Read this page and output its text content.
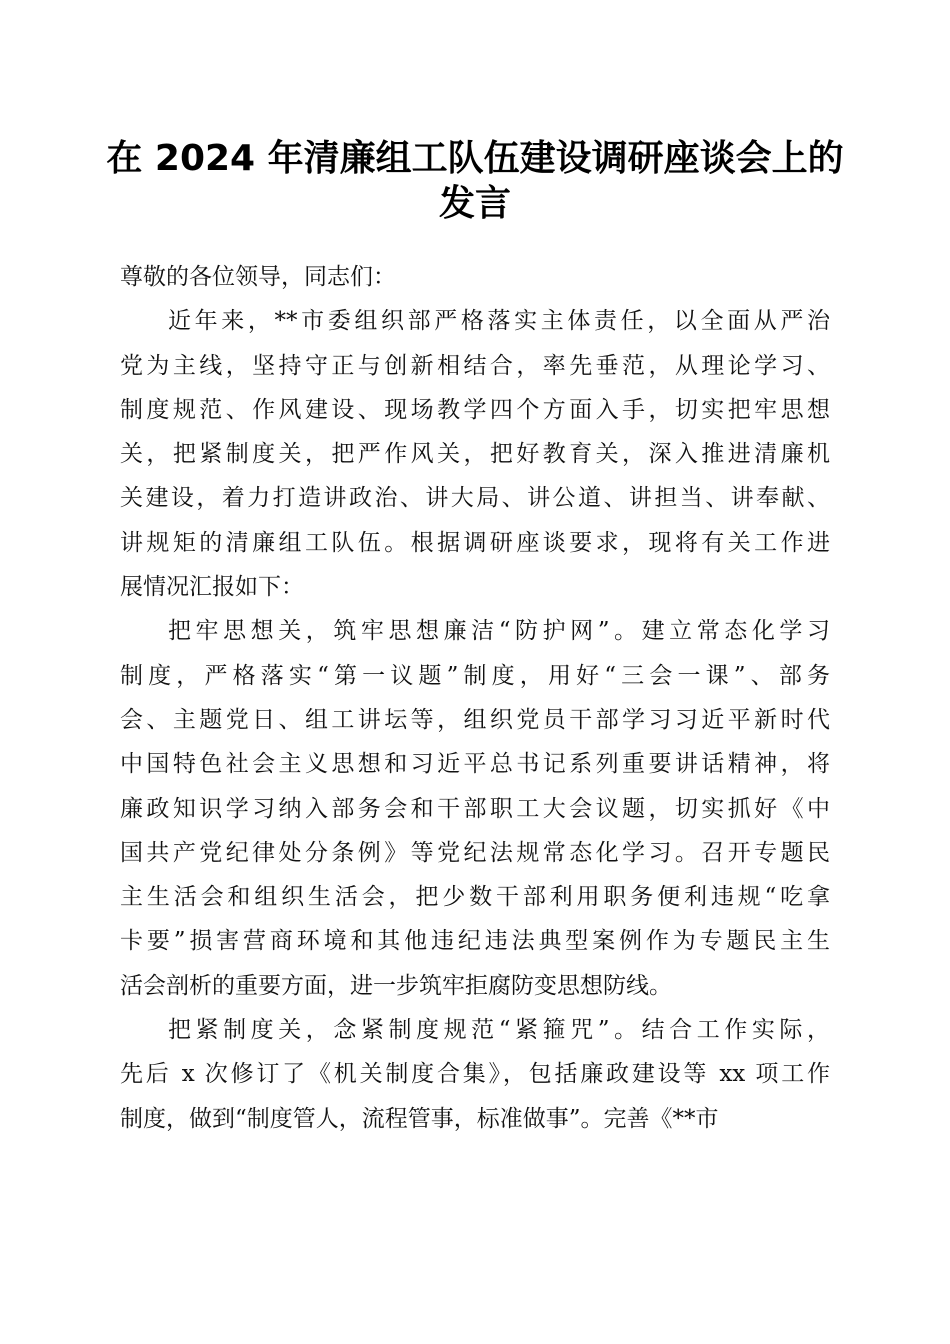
在 2024 年清廉组工队伍建设调研座谈会上的
发言
尊敬的各位领导，同志们：
近年来，**市委组织部严格落实主体责任，以全面从严治
党为主线，坚持守正与创新相结合，率先垂范，从理论学习、
制度规范、作风建设、现场教学四个方面入手，切实把牢思想
关，把紧制度关，把严作风关，把好教育关，深入推进清廉机
关建设，着力打造讲政治、讲大局、讲公道、讲担当、讲奉献、
讲规矩的清廉组工队伍。根据调研座谈要求，现将有关工作进
展情况汇报如下：
把牢思想关，筑牢思想廉洁“防护网”。建立常态化学习
制度，严格落实“第一议题”制度，用好“三会一课”、部务
会、主题党日、组工讲坛等，组织党员干部学习习近平新时代
中国特色社会主义思想和习近平总书记系列重要讲话精神，将
廉政知识学习纳入部务会和干部职工大会议题，切实抓好《中
国共产党纪律处分条例》等党纪法规常态化学习。召开专题民
主生活会和组织生活会，把少数干部利用职务便利违规“吃拿
卡要”损害营商环境和其他违纪违法典型案例作为专题民主生
活会剖析的重要方面，进一步筑牢拒腐防变思想防线。
把紧制度关，念紧制度规范“紧箍咒”。结合工作实际，
先后 x 次修订了《机关制度合集》，包括廉政建设等 xx 项工作
制度，做到“制度管人，流程管事，标准做事”。完善《**市
